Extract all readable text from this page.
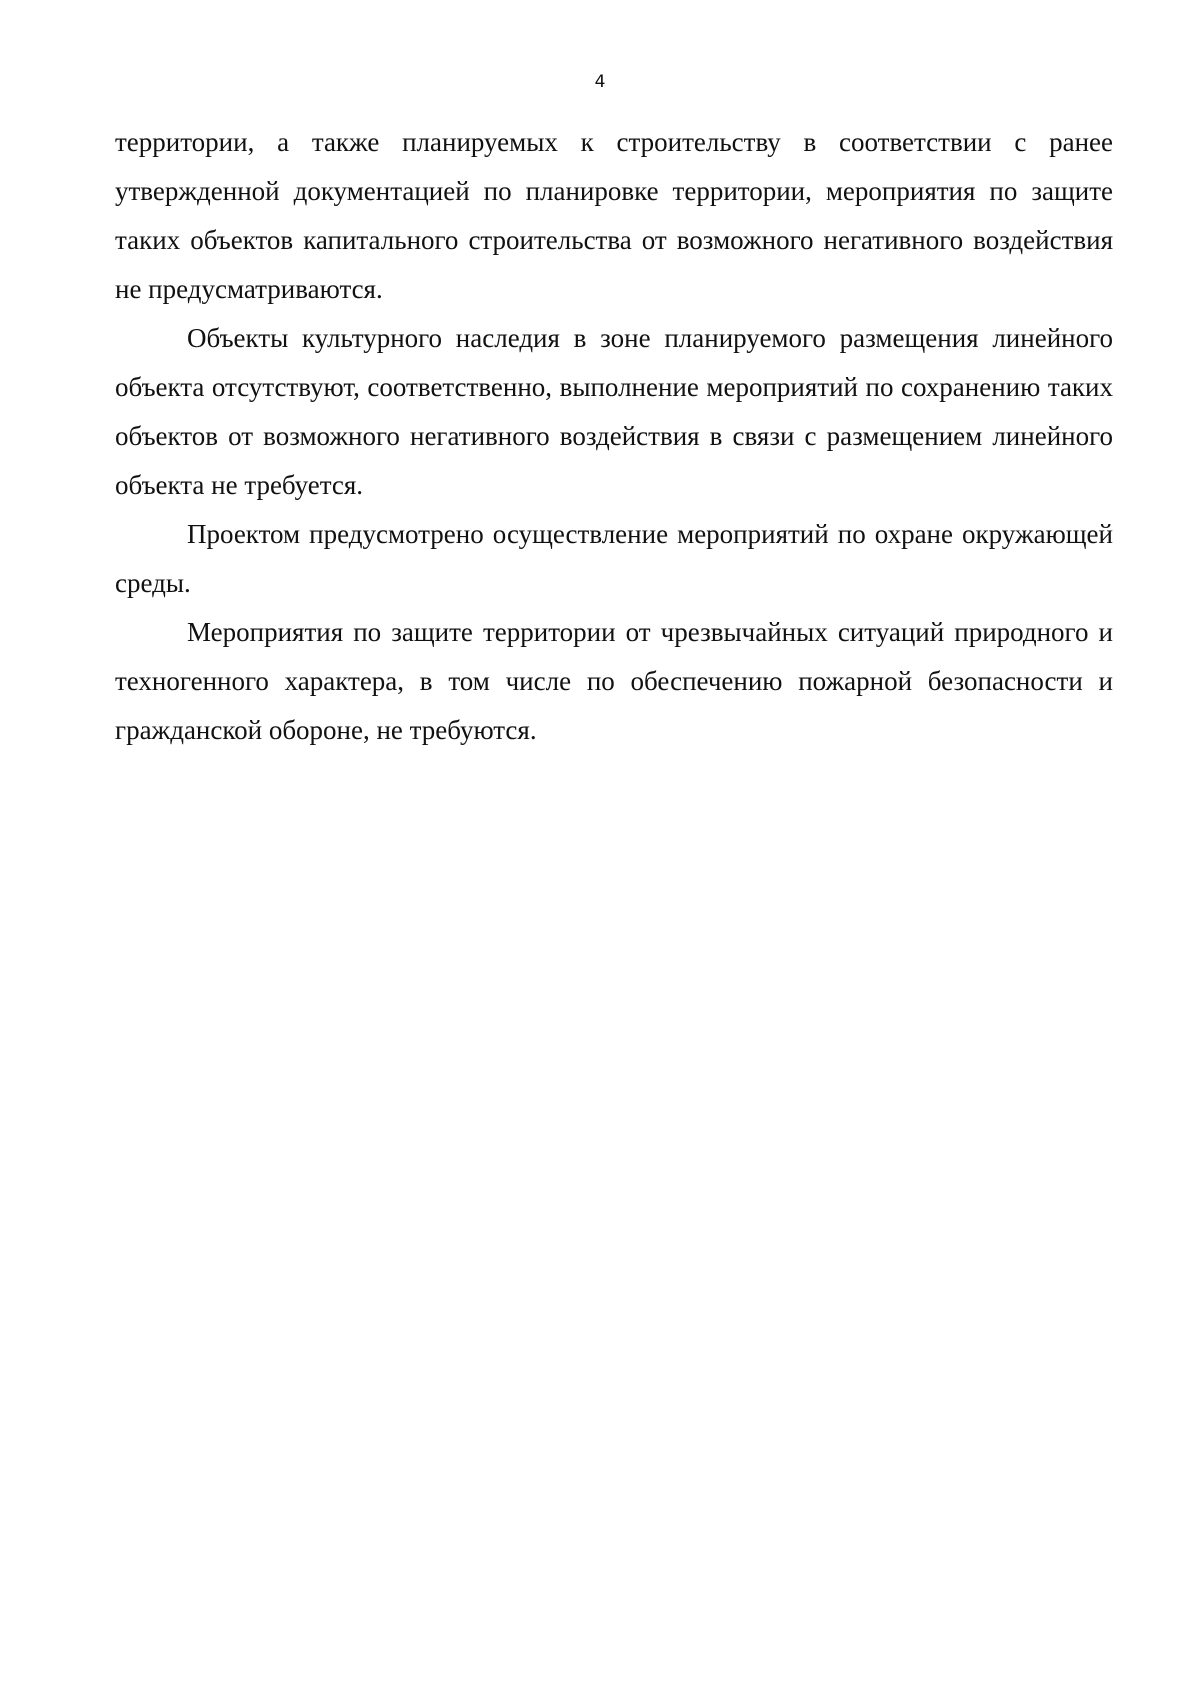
4

территории, а также планируемых к строительству в соответствии с ранее утвержденной документацией по планировке территории, мероприятия по защите таких объектов капитального строительства от возможного негативного воздействия не предусматриваются.

Объекты культурного наследия в зоне планируемого размещения линейного объекта отсутствуют, соответственно, выполнение мероприятий по сохранению таких объектов от возможного негативного воздействия в связи с размещением линейного объекта не требуется.

Проектом предусмотрено осуществление мероприятий по охране окружающей среды.

Мероприятия по защите территории от чрезвычайных ситуаций природного и техногенного характера, в том числе по обеспечению пожарной безопасности и гражданской обороне, не требуются.
